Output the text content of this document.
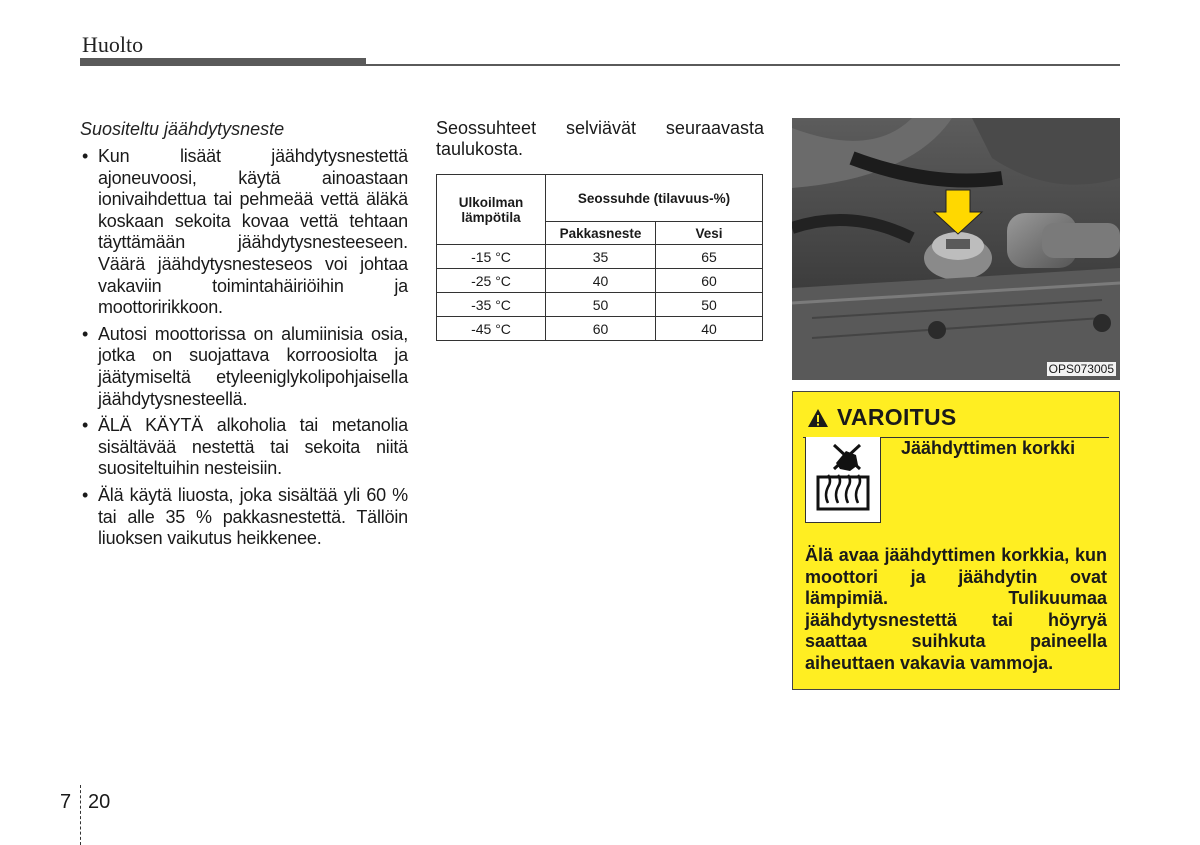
Huolto
Suositeltu jäähdytysneste
• Kun lisäät jäähdytysnestettä ajoneuvoosi, käytä ainoastaan ionivaihdettua tai pehmeää vettä äläkä koskaan sekoita kovaa vettä tehtaan täyttämään jäähdytysnesteeseen. Väärä jäähdytysnesteseos voi johtaa vakaviin toimintahäiriöihin ja moottoririkkoon.
• Autosi moottorissa on alumiinisia osia, jotka on suojattava korroosiolta ja jäätymiseltä etyleeniglykolipohjaisella jäähdytysnesteellä.
• ÄLÄ KÄYTÄ alkoholia tai metanolia sisältävää nestettä tai sekoita niitä suositeltuihin nesteisiin.
• Älä käytä liuosta, joka sisältää yli 60 % tai alle 35 % pakkasnestettä. Tällöin liuoksen vaikutus heikkenee.

Seossuhteet selviävät seuraavasta taulukosta.

Ulkoilman lämpötila	Seossuhde (tilavuus-%)	
	Pakkasneste	Vesi
-15 °C	35	65
-25 °C	40	60
-35 °C	50	50
-45 °C	60	40
OPS073005
VAROITUS
Jäähdyttimen korkki
Älä avaa jäähdyttimen korkkia, kun moottori ja jäähdytin ovat lämpimiä. Tulikuumaa jäähdytysnestettä tai höyryä saattaa suihkuta paineella aiheuttaen vakavia vammoja.
7 20
